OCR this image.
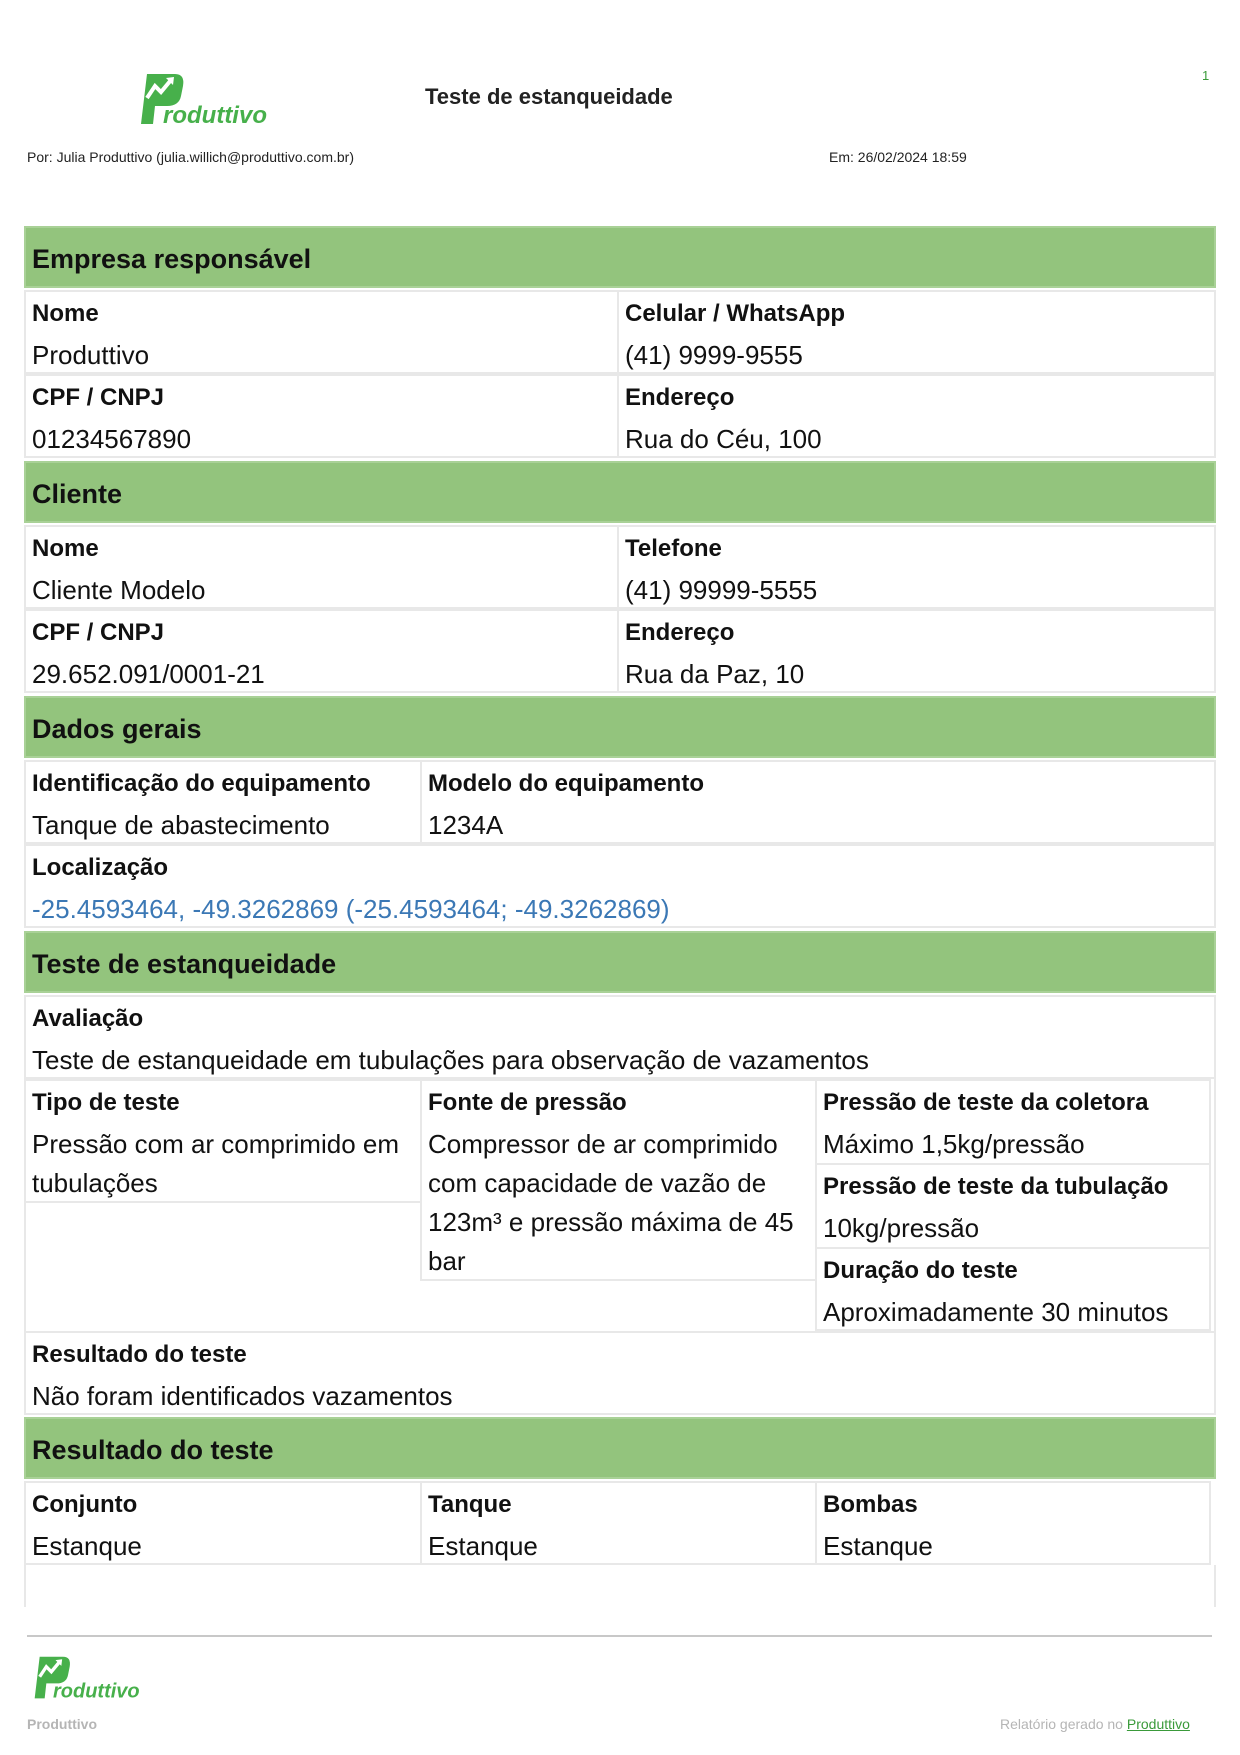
roduttivo
Teste de estanqueidade
1
Por: Julia Produttivo (julia.willich@produttivo.com.br)	Em: 26/02/2024 18:59
Empresa responsável
Nome
Produttivo
Celular / WhatsApp
(41) 9999-9555
CPF / CNPJ
01234567890
Endereço
Rua do Céu, 100
Cliente
Nome
Cliente Modelo
Telefone
(41) 99999-5555
CPF / CNPJ
29.652.091/0001-21
Endereço
Rua da Paz, 10
Dados gerais
Identificação do equipamento
Tanque de abastecimento
Modelo do equipamento
1234A
Localização
-25.4593464, -49.3262869 (-25.4593464; -49.3262869)
Teste de estanqueidade
Avaliação
Teste de estanqueidade em tubulações para observação de vazamentos
Tipo de teste
Pressão com ar comprimido em tubulações
Fonte de pressão
Compressor de ar comprimido com capacidade de vazão de 123m³ e pressão máxima de 45 bar
Pressão de teste da coletora
Máximo 1,5kg/pressão
Pressão de teste da tubulação
10kg/pressão
Duração do teste
Aproximadamente 30 minutos
Resultado do teste
Não foram identificados vazamentos
Resultado do teste
Conjunto
Estanque
Tanque
Estanque
Bombas
Estanque
roduttivo
Produttivo	Relatório gerado no Produttivo
